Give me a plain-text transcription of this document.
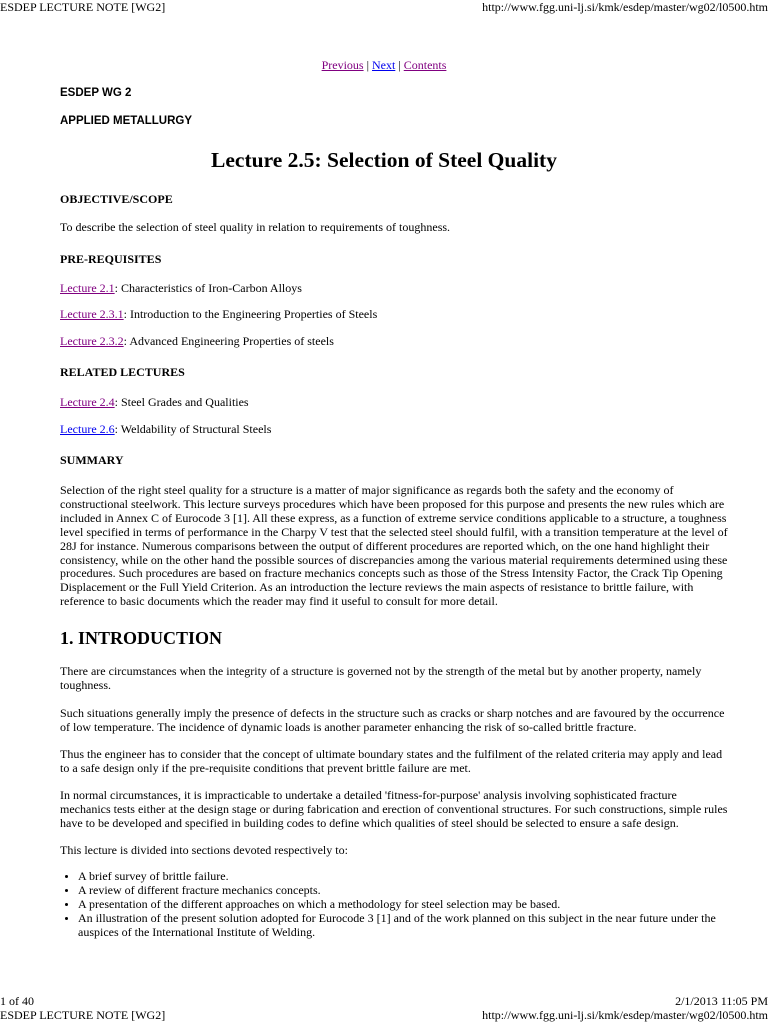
ESDEP LECTURE NOTE [WG2]	http://www.fgg.uni-lj.si/kmk/esdep/master/wg02/l0500.htm
Previous | Next | Contents

ESDEP WG 2

APPLIED METALLURGY

Lecture 2.5: Selection of Steel Quality

OBJECTIVE/SCOPE

To describe the selection of steel quality in relation to requirements of toughness.

PRE-REQUISITES

Lecture 2.1: Characteristics of Iron-Carbon Alloys

Lecture 2.3.1: Introduction to the Engineering Properties of Steels

Lecture 2.3.2: Advanced Engineering Properties of steels

RELATED LECTURES

Lecture 2.4: Steel Grades and Qualities

Lecture 2.6: Weldability of Structural Steels

SUMMARY

Selection of the right steel quality for a structure is a matter of major significance as regards both the safety and the economy of constructional steelwork. This lecture surveys procedures which have been proposed for this purpose and presents the new rules which are included in Annex C of Eurocode 3 [1]. All these express, as a function of extreme service conditions applicable to a structure, a toughness level specified in terms of performance in the Charpy V test that the selected steel should fulfil, with a transition temperature at the level of 28J for instance. Numerous comparisons between the output of different procedures are reported which, on the one hand highlight their consistency, while on the other hand the possible sources of discrepancies among the various material requirements determined using these procedures. Such procedures are based on fracture mechanics concepts such as those of the Stress Intensity Factor, the Crack Tip Opening Displacement or the Full Yield Criterion. As an introduction the lecture reviews the main aspects of resistance to brittle failure, with reference to basic documents which the reader may find it useful to consult for more detail.

1. INTRODUCTION

There are circumstances when the integrity of a structure is governed not by the strength of the metal but by another property, namely toughness.

Such situations generally imply the presence of defects in the structure such as cracks or sharp notches and are favoured by the occurrence of low temperature. The incidence of dynamic loads is another parameter enhancing the risk of so-called brittle fracture.

Thus the engineer has to consider that the concept of ultimate boundary states and the fulfilment of the related criteria may apply and lead to a safe design only if the pre-requisite conditions that prevent brittle failure are met.

In normal circumstances, it is impracticable to undertake a detailed 'fitness-for-purpose' analysis involving sophisticated fracture mechanics tests either at the design stage or during fabrication and erection of conventional structures. For such constructions, simple rules have to be developed and specified in building codes to define which qualities of steel should be selected to ensure a safe design.

This lecture is divided into sections devoted respectively to:

• A brief survey of brittle failure.
• A review of different fracture mechanics concepts.
• A presentation of the different approaches on which a methodology for steel selection may be based.
• An illustration of the present solution adopted for Eurocode 3 [1] and of the work planned on this subject in the near future under the auspices of the International Institute of Welding.
1 of 40	2/1/2013 11:05 PM
ESDEP LECTURE NOTE [WG2]	http://www.fgg.uni-lj.si/kmk/esdep/master/wg02/l0500.htm
